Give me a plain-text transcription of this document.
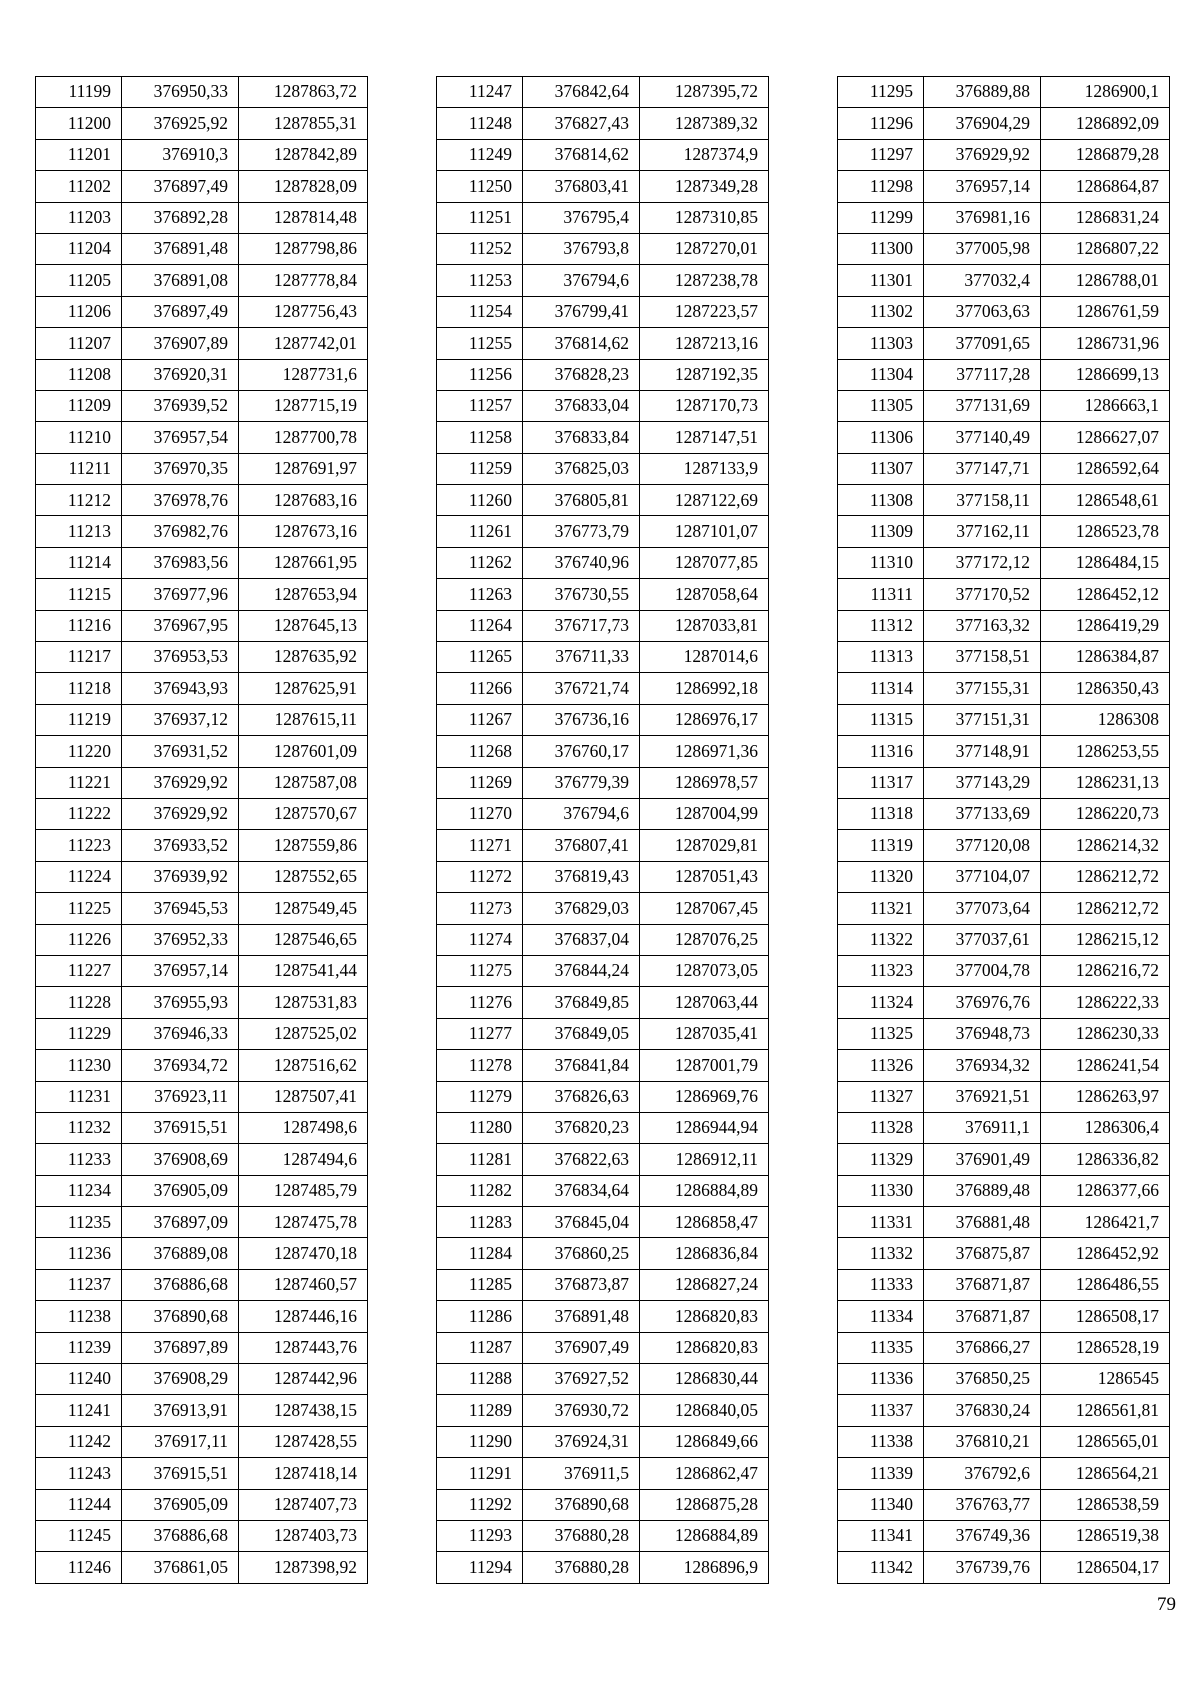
11199	376950,33	1287863,72
11200	376925,92	1287855,31
11201	376910,3	1287842,89
11202	376897,49	1287828,09
11203	376892,28	1287814,48
11204	376891,48	1287798,86
11205	376891,08	1287778,84
11206	376897,49	1287756,43
11207	376907,89	1287742,01
11208	376920,31	1287731,6
11209	376939,52	1287715,19
11210	376957,54	1287700,78
11211	376970,35	1287691,97
11212	376978,76	1287683,16
11213	376982,76	1287673,16
11214	376983,56	1287661,95
11215	376977,96	1287653,94
11216	376967,95	1287645,13
11217	376953,53	1287635,92
11218	376943,93	1287625,91
11219	376937,12	1287615,11
11220	376931,52	1287601,09
11221	376929,92	1287587,08
11222	376929,92	1287570,67
11223	376933,52	1287559,86
11224	376939,92	1287552,65
11225	376945,53	1287549,45
11226	376952,33	1287546,65
11227	376957,14	1287541,44
11228	376955,93	1287531,83
11229	376946,33	1287525,02
11230	376934,72	1287516,62
11231	376923,11	1287507,41
11232	376915,51	1287498,6
11233	376908,69	1287494,6
11234	376905,09	1287485,79
11235	376897,09	1287475,78
11236	376889,08	1287470,18
11237	376886,68	1287460,57
11238	376890,68	1287446,16
11239	376897,89	1287443,76
11240	376908,29	1287442,96
11241	376913,91	1287438,15
11242	376917,11	1287428,55
11243	376915,51	1287418,14
11244	376905,09	1287407,73
11245	376886,68	1287403,73
11246	376861,05	1287398,92
11247	376842,64	1287395,72
11248	376827,43	1287389,32
11249	376814,62	1287374,9
11250	376803,41	1287349,28
11251	376795,4	1287310,85
11252	376793,8	1287270,01
11253	376794,6	1287238,78
11254	376799,41	1287223,57
11255	376814,62	1287213,16
11256	376828,23	1287192,35
11257	376833,04	1287170,73
11258	376833,84	1287147,51
11259	376825,03	1287133,9
11260	376805,81	1287122,69
11261	376773,79	1287101,07
11262	376740,96	1287077,85
11263	376730,55	1287058,64
11264	376717,73	1287033,81
11265	376711,33	1287014,6
11266	376721,74	1286992,18
11267	376736,16	1286976,17
11268	376760,17	1286971,36
11269	376779,39	1286978,57
11270	376794,6	1287004,99
11271	376807,41	1287029,81
11272	376819,43	1287051,43
11273	376829,03	1287067,45
11274	376837,04	1287076,25
11275	376844,24	1287073,05
11276	376849,85	1287063,44
11277	376849,05	1287035,41
11278	376841,84	1287001,79
11279	376826,63	1286969,76
11280	376820,23	1286944,94
11281	376822,63	1286912,11
11282	376834,64	1286884,89
11283	376845,04	1286858,47
11284	376860,25	1286836,84
11285	376873,87	1286827,24
11286	376891,48	1286820,83
11287	376907,49	1286820,83
11288	376927,52	1286830,44
11289	376930,72	1286840,05
11290	376924,31	1286849,66
11291	376911,5	1286862,47
11292	376890,68	1286875,28
11293	376880,28	1286884,89
11294	376880,28	1286896,9
11295	376889,88	1286900,1
11296	376904,29	1286892,09
11297	376929,92	1286879,28
11298	376957,14	1286864,87
11299	376981,16	1286831,24
11300	377005,98	1286807,22
11301	377032,4	1286788,01
11302	377063,63	1286761,59
11303	377091,65	1286731,96
11304	377117,28	1286699,13
11305	377131,69	1286663,1
11306	377140,49	1286627,07
11307	377147,71	1286592,64
11308	377158,11	1286548,61
11309	377162,11	1286523,78
11310	377172,12	1286484,15
11311	377170,52	1286452,12
11312	377163,32	1286419,29
11313	377158,51	1286384,87
11314	377155,31	1286350,43
11315	377151,31	1286308
11316	377148,91	1286253,55
11317	377143,29	1286231,13
11318	377133,69	1286220,73
11319	377120,08	1286214,32
11320	377104,07	1286212,72
11321	377073,64	1286212,72
11322	377037,61	1286215,12
11323	377004,78	1286216,72
11324	376976,76	1286222,33
11325	376948,73	1286230,33
11326	376934,32	1286241,54
11327	376921,51	1286263,97
11328	376911,1	1286306,4
11329	376901,49	1286336,82
11330	376889,48	1286377,66
11331	376881,48	1286421,7
11332	376875,87	1286452,92
11333	376871,87	1286486,55
11334	376871,87	1286508,17
11335	376866,27	1286528,19
11336	376850,25	1286545
11337	376830,24	1286561,81
11338	376810,21	1286565,01
11339	376792,6	1286564,21
11340	376763,77	1286538,59
11341	376749,36	1286519,38
11342	376739,76	1286504,17
79
